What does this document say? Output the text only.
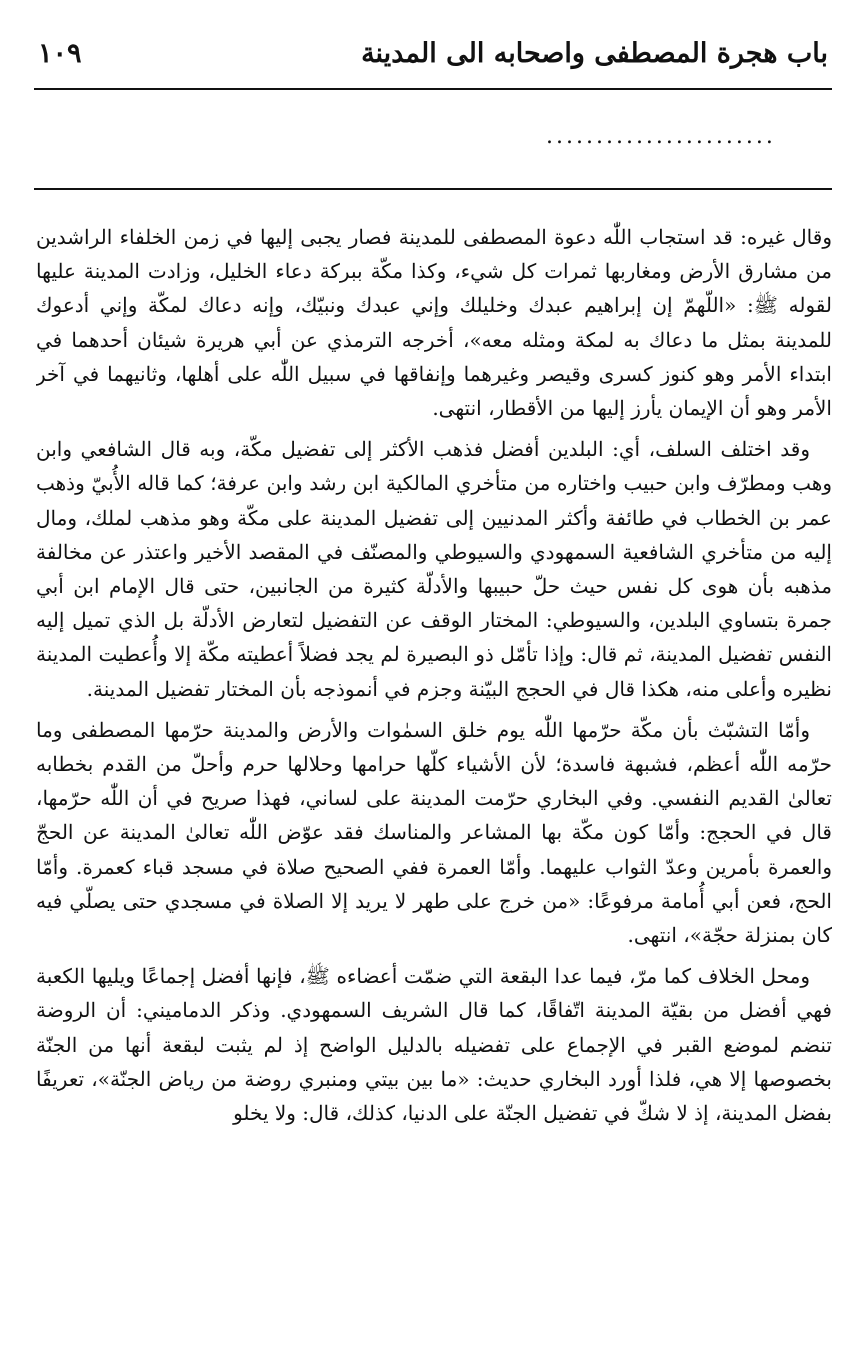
باب هجرة المصطفى واصحابه الى المدينة
١٠٩
.......................

وقال غيره: قد استجاب اللّٰه دعوة المصطفى للمدينة فصار يجبى إليها في زمن الخلفاء الراشدين من مشارق الأرض ومغاربها ثمرات كل شيء، وكذا مكّة ببركة دعاء الخليل، وزادت المدينة عليها لقوله ﷺ: «اللّهمّ إن إبراهيم عبدك وخليلك وإني عبدك ونبيّك، وإنه دعاك لمكّة وإني أدعوك للمدينة بمثل ما دعاك به لمكة ومثله معه»، أخرجه الترمذي عن أبي هريرة شيئان أحدهما في ابتداء الأمر وهو كنوز كسرى وقيصر وغيرهما وإنفاقها في سبيل اللّٰه على أهلها، وثانيهما في آخر الأمر وهو أن الإيمان يأرز إليها من الأقطار، انتهى.

وقد اختلف السلف، أي: البلدين أفضل فذهب الأكثر إلى تفضيل مكّة، وبه قال الشافعي وابن وهب ومطرّف وابن حبيب واختاره من متأخري المالكية ابن رشد وابن عرفة؛ كما قاله الأُبيّ وذهب عمر بن الخطاب في طائفة وأكثر المدنيين إلى تفضيل المدينة على مكّة وهو مذهب لملك، ومال إليه من متأخري الشافعية السمهودي والسيوطي والمصنّف في المقصد الأخير واعتذر عن مخالفة مذهبه بأن هوى كل نفس حيث حلّ حبيبها والأدلّة كثيرة من الجانبين، حتى قال الإمام ابن أبي جمرة بتساوي البلدين، والسيوطي: المختار الوقف عن التفضيل لتعارض الأدلّة بل الذي تميل إليه النفس تفضيل المدينة، ثم قال: وإذا تأمّل ذو البصيرة لم يجد فضلاً أعطيته مكّة إلا وأُعطيت المدينة نظيره وأعلى منه، هكذا قال في الحجج البيّنة وجزم في أنموذجه بأن المختار تفضيل المدينة.

وأمّا التشبّث بأن مكّة حرّمها اللّٰه يوم خلق السمٰوات والأرض والمدينة حرّمها المصطفى وما حرّمه اللّٰه أعظم، فشبهة فاسدة؛ لأن الأشياء كلّها حرامها وحلالها حرم وأحلّ من القدم بخطابه تعالىٰ القديم النفسي. وفي البخاري حرّمت المدينة على لساني، فهذا صريح في أن اللّٰه حرّمها، قال في الحجج: وأمّا كون مكّة بها المشاعر والمناسك فقد عوّض اللّٰه تعالىٰ المدينة عن الحجّ والعمرة بأمرين وعدّ الثواب عليهما. وأمّا العمرة ففي الصحيح صلاة في مسجد قباء كعمرة. وأمّا الحج، فعن أبي أُمامة مرفوعًا: «من خرج على طهر لا يريد إلا الصلاة في مسجدي حتى يصلّي فيه كان بمنزلة حجّة»، انتهى.

ومحل الخلاف كما مرّ، فيما عدا البقعة التي ضمّت أعضاءه ﷺ، فإنها أفضل إجماعًا ويليها الكعبة فهي أفضل من بقيّة المدينة اتّفاقًا، كما قال الشريف السمهودي. وذكر الدماميني: أن الروضة تنضم لموضع القبر في الإجماع على تفضيله بالدليل الواضح إذ لم يثبت لبقعة أنها من الجنّة بخصوصها إلا هي، فلذا أورد البخاري حديث: «ما بين بيتي ومنبري روضة من رياض الجنّة»، تعريفًا بفضل المدينة، إذ لا شكّ في تفضيل الجنّة على الدنيا، كذلك، قال: ولا يخلو
